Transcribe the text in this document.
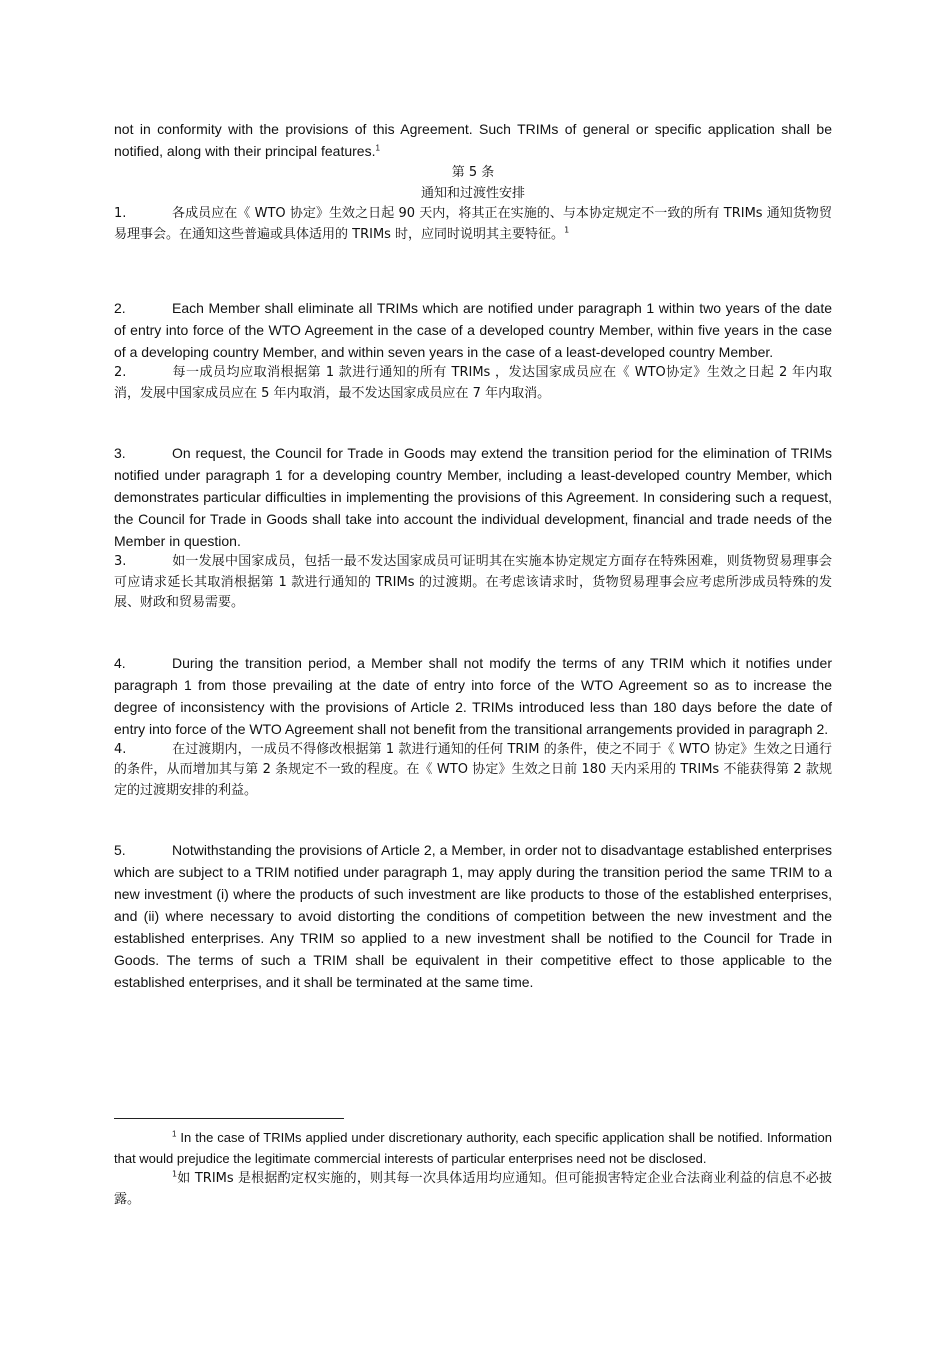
not in conformity with the provisions of this Agreement. Such TRIMs of general or specific application shall be notified, along with their principal features.$^1$

第 5 条

通知和过渡性安排

1.	各成员应在《 WTO 协定》生效之日起 90 天内，将其正在实施的、与本协定规定不一致的所有 TRIMs 通知货物贸易理事会。在通知这些普遍或具体适用的 TRIMs 时，应同时说明其主要特征。$^1$

2.	Each Member shall eliminate all TRIMs which are notified under paragraph 1 within two years of the date of entry into force of the WTO Agreement in the case of a developed country Member, within five years in the case of a developing country Member, and within seven years in the case of a least-developed country Member.

2.	每一成员均应取消根据第 1 款进行通知的所有 TRIMs ，发达国家成员应在《 WTO协定》生效之日起 2 年内取消，发展中国家成员应在 5 年内取消，最不发达国家成员应在 7 年内取消。

3.	On request, the Council for Trade in Goods may extend the transition period for the elimination of TRIMs notified under paragraph 1 for a developing country Member, including a least-developed country Member, which demonstrates particular difficulties in implementing the provisions of this Agreement. In considering such a request, the Council for Trade in Goods shall take into account the individual development, financial and trade needs of the Member in question.

3.	如一发展中国家成员，包括一最不发达国家成员可证明其在实施本协定规定方面存在特殊困难，则货物贸易理事会可应请求延长其取消根据第 1 款进行通知的 TRIMs 的过渡期。在考虑该请求时，货物贸易理事会应考虑所涉成员特殊的发展、财政和贸易需要。

4.	During the transition period, a Member shall not modify the terms of any TRIM which it notifies under paragraph 1 from those prevailing at the date of entry into force of the WTO Agreement so as to increase the degree of inconsistency with the provisions of Article 2. TRIMs introduced less than 180 days before the date of entry into force of the WTO Agreement shall not benefit from the transitional arrangements provided in paragraph 2.

4.	在过渡期内，一成员不得修改根据第 1 款进行通知的任何 TRIM 的条件，使之不同于《 WTO 协定》生效之日通行的条件，从而增加其与第 2 条规定不一致的程度。在《 WTO 协定》生效之日前 180 天内采用的 TRIMs 不能获得第 2 款规定的过渡期安排的利益。

5.	Notwithstanding the provisions of Article 2, a Member, in order not to disadvantage established enterprises which are subject to a TRIM notified under paragraph 1, may apply during the transition period the same TRIM to a new investment (i) where the products of such investment are like products to those of the established enterprises, and (ii) where necessary to avoid distorting the conditions of competition between the new investment and the established enterprises. Any TRIM so applied to a new investment shall be notified to the Council for Trade in Goods. The terms of such a TRIM shall be equivalent in their competitive effect to those applicable to the established enterprises, and it shall be terminated at the same time.

$^1$ In the case of TRIMs applied under discretionary authority, each specific application shall be notified. Information that would prejudice the legitimate commercial interests of particular enterprises need not be disclosed.

$^1$如 TRIMs 是根据酌定权实施的，则其每一次具体适用均应通知。但可能损害特定企业合法商业利益的信息不必披露。
